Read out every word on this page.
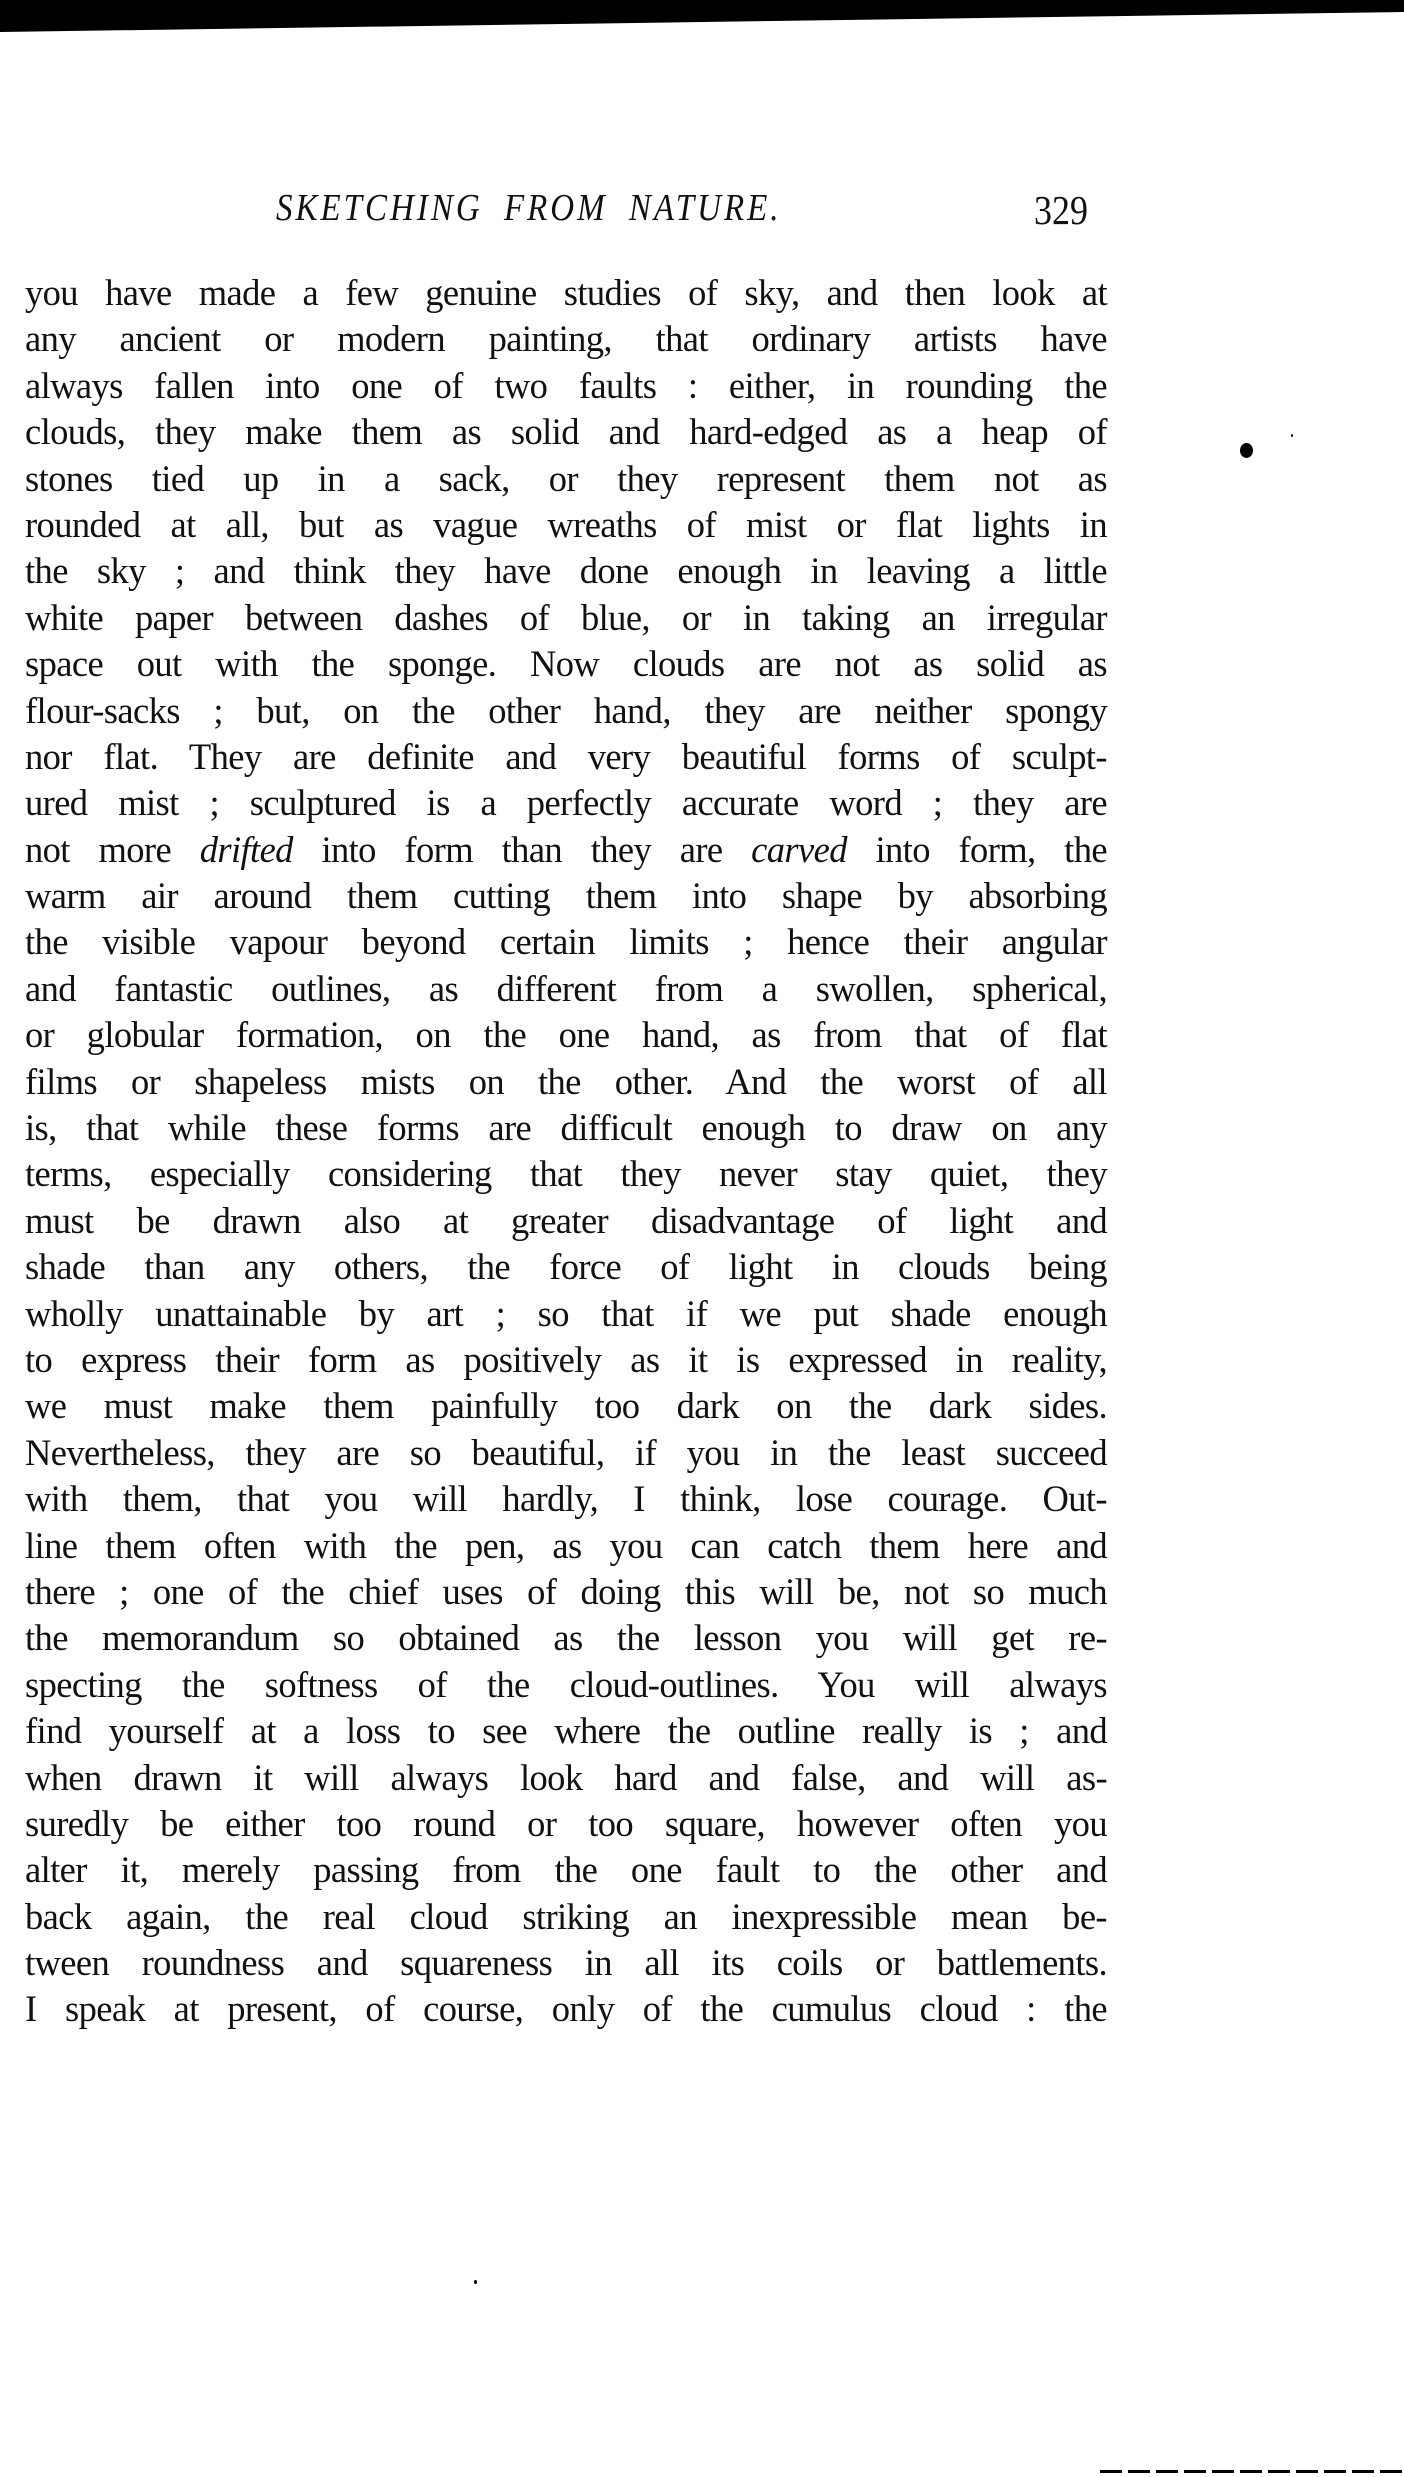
SKETCHING FROM NATURE.	329
you have made a few genuine studies of sky, and then look at
any ancient or modern painting, that ordinary artists have
always fallen into one of two faults : either, in rounding the
clouds, they make them as solid and hard-edged as a heap of
stones tied up in a sack, or they represent them not as
rounded at all, but as vague wreaths of mist or flat lights in
the sky ; and think they have done enough in leaving a little
white paper between dashes of blue, or in taking an irregular
space out with the sponge. Now clouds are not as solid as
flour-sacks ; but, on the other hand, they are neither spongy
nor flat. They are definite and very beautiful forms of sculpt-
ured mist ; sculptured is a perfectly accurate word ; they are
not more drifted into form than they are carved into form, the
warm air around them cutting them into shape by absorbing
the visible vapour beyond certain limits ; hence their angular
and fantastic outlines, as different from a swollen, spherical,
or globular formation, on the one hand, as from that of flat
films or shapeless mists on the other. And the worst of all
is, that while these forms are difficult enough to draw on any
terms, especially considering that they never stay quiet, they
must be drawn also at greater disadvantage of light and
shade than any others, the force of light in clouds being
wholly unattainable by art ; so that if we put shade enough
to express their form as positively as it is expressed in reality,
we must make them painfully too dark on the dark sides.
Nevertheless, they are so beautiful, if you in the least succeed
with them, that you will hardly, I think, lose courage. Out-
line them often with the pen, as you can catch them here and
there ; one of the chief uses of doing this will be, not so much
the memorandum so obtained as the lesson you will get re-
specting the softness of the cloud-outlines. You will always
find yourself at a loss to see where the outline really is ; and
when drawn it will always look hard and false, and will as-
suredly be either too round or too square, however often you
alter it, merely passing from the one fault to the other and
back again, the real cloud striking an inexpressible mean be-
tween roundness and squareness in all its coils or battlements.
I speak at present, of course, only of the cumulus cloud : the
